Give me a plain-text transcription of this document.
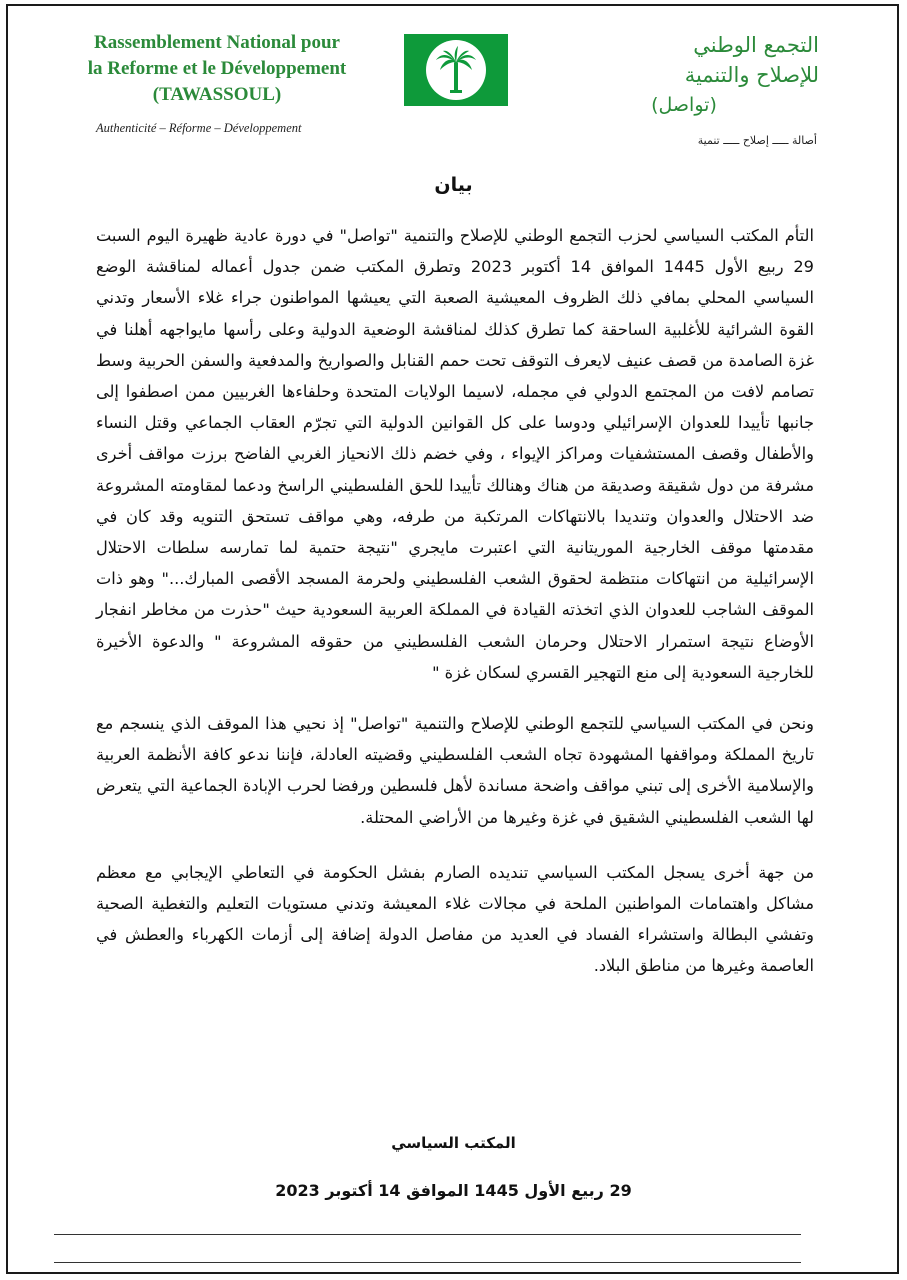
Rassemblement National pour
la Reforme et le Développement
(TAWASSOUL)
Authenticité – Réforme – Développement
التجمع الوطني
للإصلاح والتنمية
(تواصل)
أصالة ـــــ إصلاح ـــــ تنمية
بيان

التأم المكتب السياسي لحزب التجمع الوطني للإصلاح والتنمية "تواصل" في دورة عادية ظهيرة اليوم السبت 29 ربيع الأول 1445 الموافق 14 أكتوبر 2023 وتطرق المكتب ضمن جدول أعماله لمناقشة الوضع السياسي المحلي بمافي ذلك الظروف المعيشية الصعبة التي يعيشها المواطنون جراء غلاء الأسعار وتدني القوة الشرائية للأغلبية الساحقة كما تطرق كذلك لمناقشة الوضعية الدولية وعلى رأسها مايواجهه أهلنا في غزة الصامدة من قصف عنيف لايعرف التوقف تحت حمم القنابل والصواريخ والمدفعية والسفن الحربية وسط تصامم لافت من المجتمع الدولي في مجمله، لاسيما الولايات المتحدة وحلفاءها الغربيين ممن اصطفوا إلى جانبها تأييدا للعدوان الإسرائيلي ودوسا على كل القوانين الدولية التي تجرّم العقاب الجماعي وقتل النساء والأطفال وقصف المستشفيات ومراكز الإيواء ، وفي خضم ذلك الانحياز الغربي الفاضح برزت مواقف أخرى مشرفة من دول شقيقة وصديقة من هناك وهنالك تأييدا للحق الفلسطيني الراسخ ودعما لمقاومته المشروعة ضد الاحتلال والعدوان وتنديدا بالانتهاكات المرتكبة من طرفه، وهي مواقف تستحق التنويه وقد كان في مقدمتها موقف الخارجية الموريتانية التي اعتبرت مايجري "نتيجة حتمية لما تمارسه سلطات الاحتلال الإسرائيلية من انتهاكات منتظمة لحقوق الشعب الفلسطيني ولحرمة المسجد الأقصى المبارك..." وهو ذات الموقف الشاجب للعدوان الذي اتخذته القيادة في المملكة العربية السعودية حيث "حذرت من مخاطر انفجار الأوضاع نتيجة استمرار الاحتلال وحرمان الشعب الفلسطيني من حقوقه المشروعة " والدعوة الأخيرة للخارجية السعودية إلى منع التهجير القسري لسكان غزة "

ونحن في المكتب السياسي للتجمع الوطني للإصلاح والتنمية "تواصل" إذ نحيي هذا الموقف الذي ينسجم مع تاريخ المملكة ومواقفها المشهودة تجاه الشعب الفلسطيني وقضيته العادلة، فإننا ندعو كافة الأنظمة العربية والإسلامية الأخرى إلى تبني مواقف واضحة مساندة لأهل فلسطين ورفضا لحرب الإبادة الجماعية التي يتعرض لها الشعب الفلسطيني الشقيق في غزة وغيرها من الأراضي المحتلة.

من جهة أخرى يسجل المكتب السياسي تنديده الصارم بفشل الحكومة في التعاطي الإيجابي مع معظم مشاكل واهتمامات المواطنين الملحة في مجالات غلاء المعيشة وتدني مستويات التعليم والتغطية الصحية وتفشي البطالة واستشراء الفساد في العديد من مفاصل الدولة إضافة إلى أزمات الكهرباء والعطش في العاصمة وغيرها من مناطق البلاد.

المكتب السياسي
29 ربيع الأول 1445 الموافق 14 أكتوبر 2023
